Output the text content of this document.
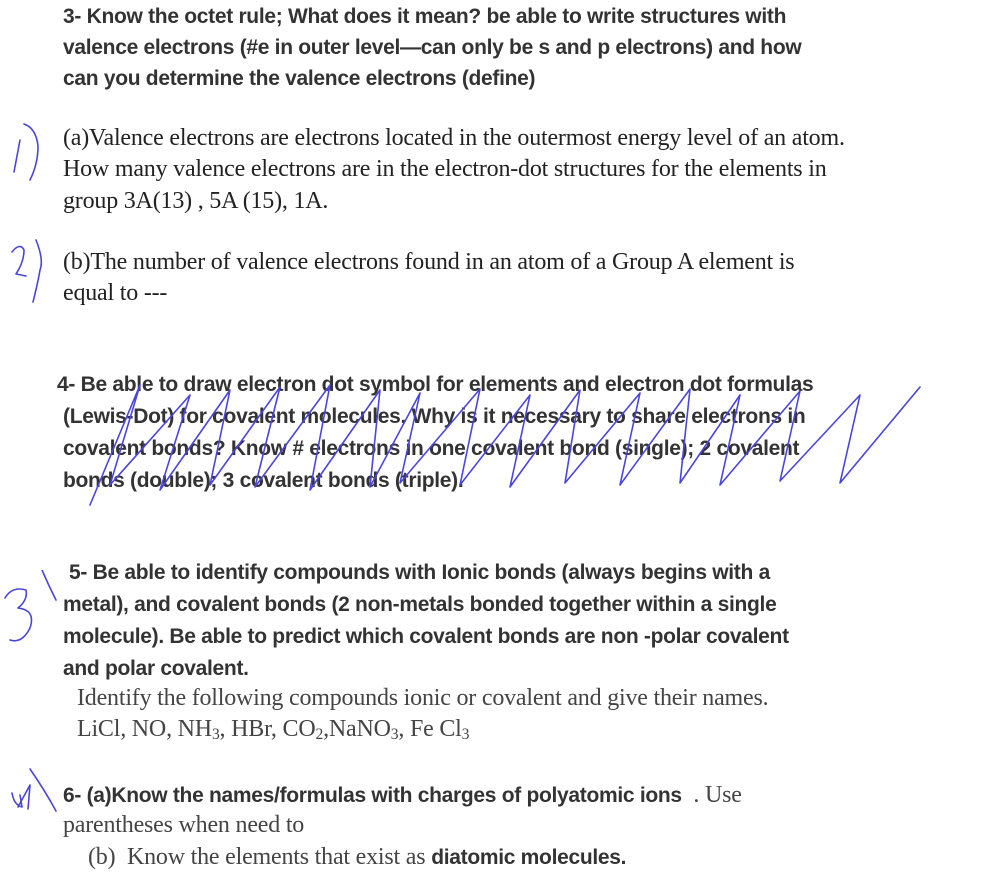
3- Know the octet rule; What does it mean? be able to write structures with
valence electrons (#e in outer level—can only be s and p electrons) and how
can you determine the valence electrons (define)
(a)Valence electrons are electrons located in the outermost energy level of an atom.
How many valence electrons are in the electron-dot structures for the elements in
group 3A(13) , 5A (15), 1A.
(b)The number of valence electrons found in an atom of a Group A element is
equal to ---
4- Be able to draw electron dot symbol for elements and electron dot formulas
(Lewis-Dot) for covalent molecules. Why is it necessary to share electrons in
covalent bonds? Know # electrons in one covalent bond (single); 2 covalent
bonds (double); 3 covalent bonds (triple).
5- Be able to identify compounds with Ionic bonds (always begins with a
metal), and covalent bonds (2 non-metals bonded together within a single
molecule). Be able to predict which covalent bonds are non -polar covalent
and polar covalent.
Identify the following compounds ionic or covalent and give their names.
LiCl, NO, $NH_3$, HBr, $CO_2,NaNO_3$, Fe $Cl_3$
6- (a)Know the names/formulas with charges of polyatomic ions  . Use
parentheses when need to
(b)  Know the elements that exist as diatomic molecules.
